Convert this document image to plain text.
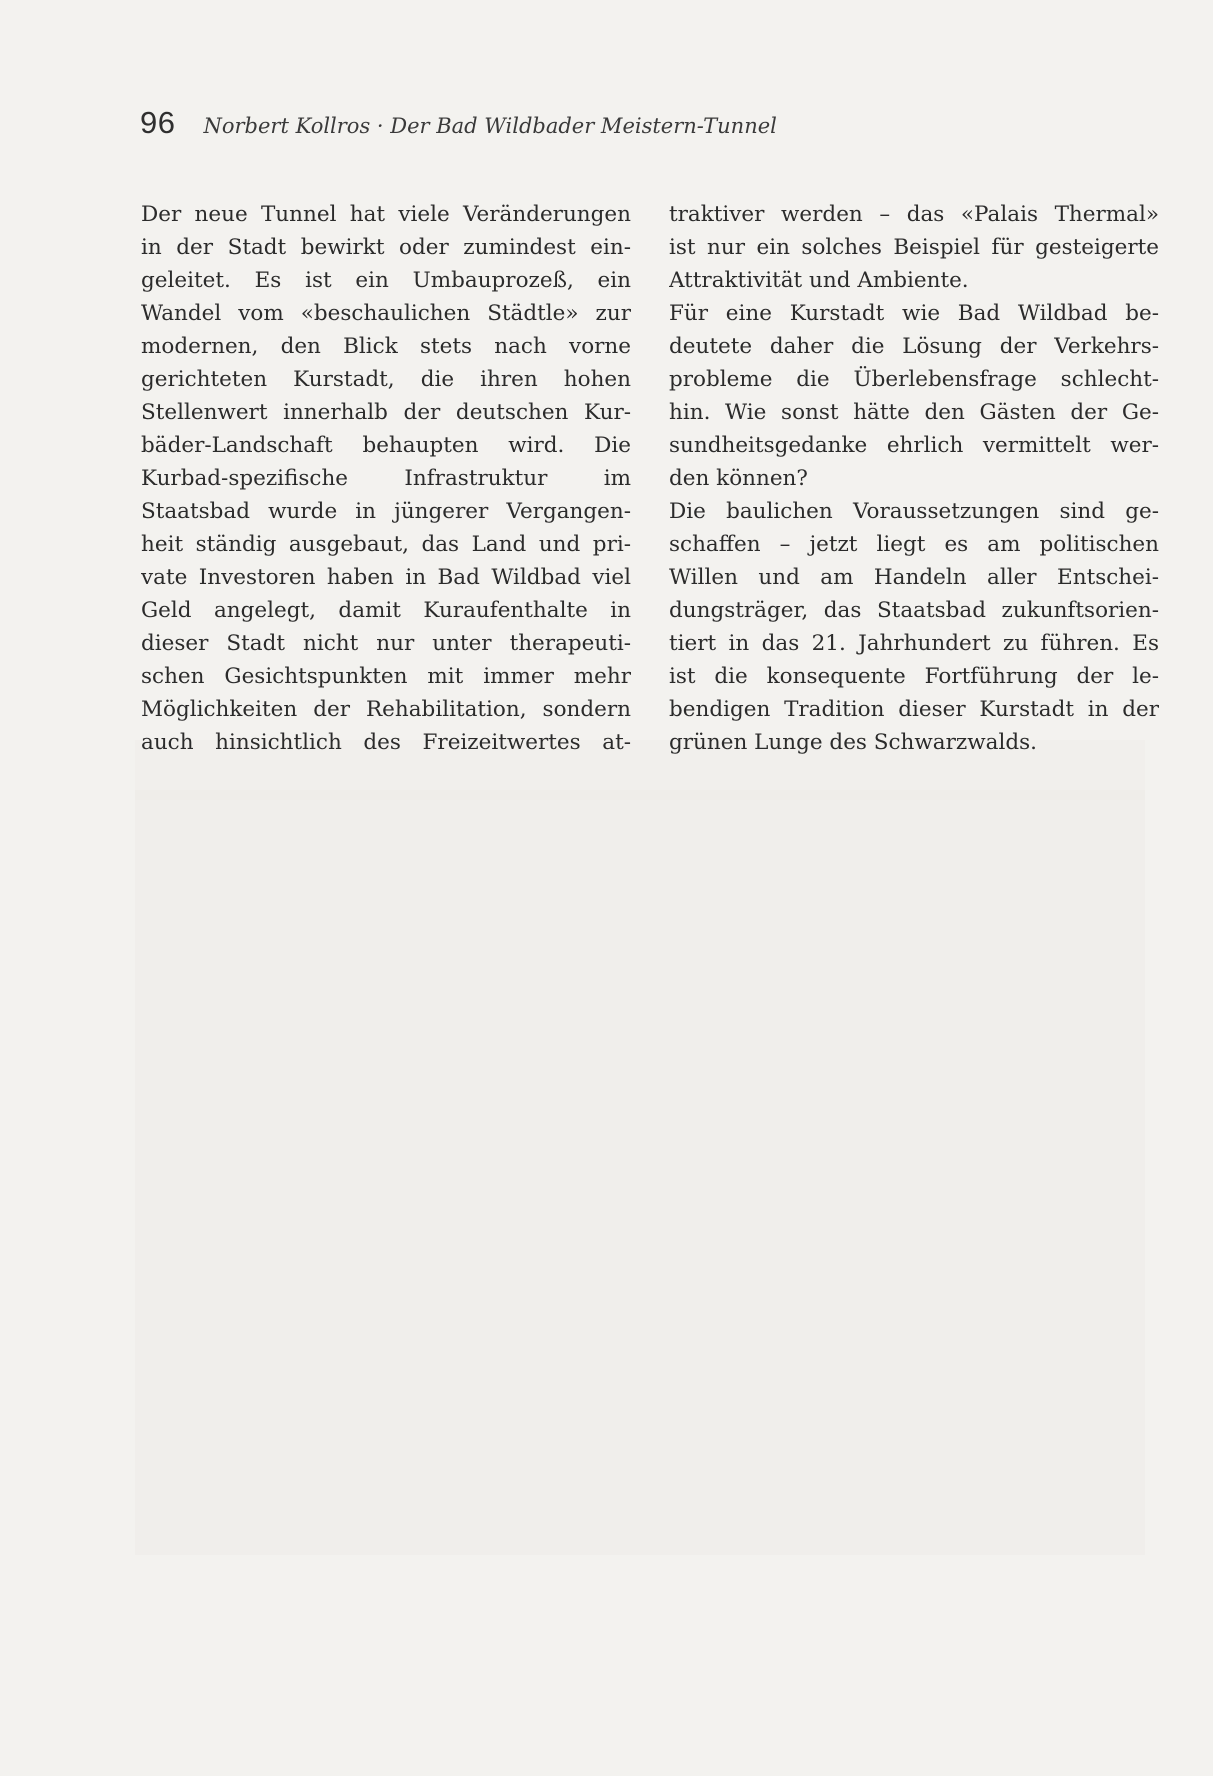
96 Norbert Kollros · Der Bad Wildbader Meistern-Tunnel
Der neue Tunnel hat viele Veränderungen
in der Stadt bewirkt oder zumindest ein-
geleitet. Es ist ein Umbauprozeß, ein
Wandel vom «beschaulichen Städtle» zur
modernen, den Blick stets nach vorne
gerichteten Kurstadt, die ihren hohen
Stellenwert innerhalb der deutschen Kur-
bäder-Landschaft behaupten wird. Die
Kurbad-spezifische Infrastruktur im
Staatsbad wurde in jüngerer Vergangen-
heit ständig ausgebaut, das Land und pri-
vate Investoren haben in Bad Wildbad viel
Geld angelegt, damit Kuraufenthalte in
dieser Stadt nicht nur unter therapeuti-
schen Gesichtspunkten mit immer mehr
Möglichkeiten der Rehabilitation, sondern
auch hinsichtlich des Freizeitwertes at-
traktiver werden – das «Palais Thermal»
ist nur ein solches Beispiel für gesteigerte
Attraktivität und Ambiente.
Für eine Kurstadt wie Bad Wildbad be-
deutete daher die Lösung der Verkehrs-
probleme die Überlebensfrage schlecht-
hin. Wie sonst hätte den Gästen der Ge-
sundheitsgedanke ehrlich vermittelt wer-
den können?
Die baulichen Voraussetzungen sind ge-
schaffen – jetzt liegt es am politischen
Willen und am Handeln aller Entschei-
dungsträger, das Staatsbad zukunftsorien-
tiert in das 21. Jahrhundert zu führen. Es
ist die konsequente Fortführung der le-
bendigen Tradition dieser Kurstadt in der
grünen Lunge des Schwarzwalds.
